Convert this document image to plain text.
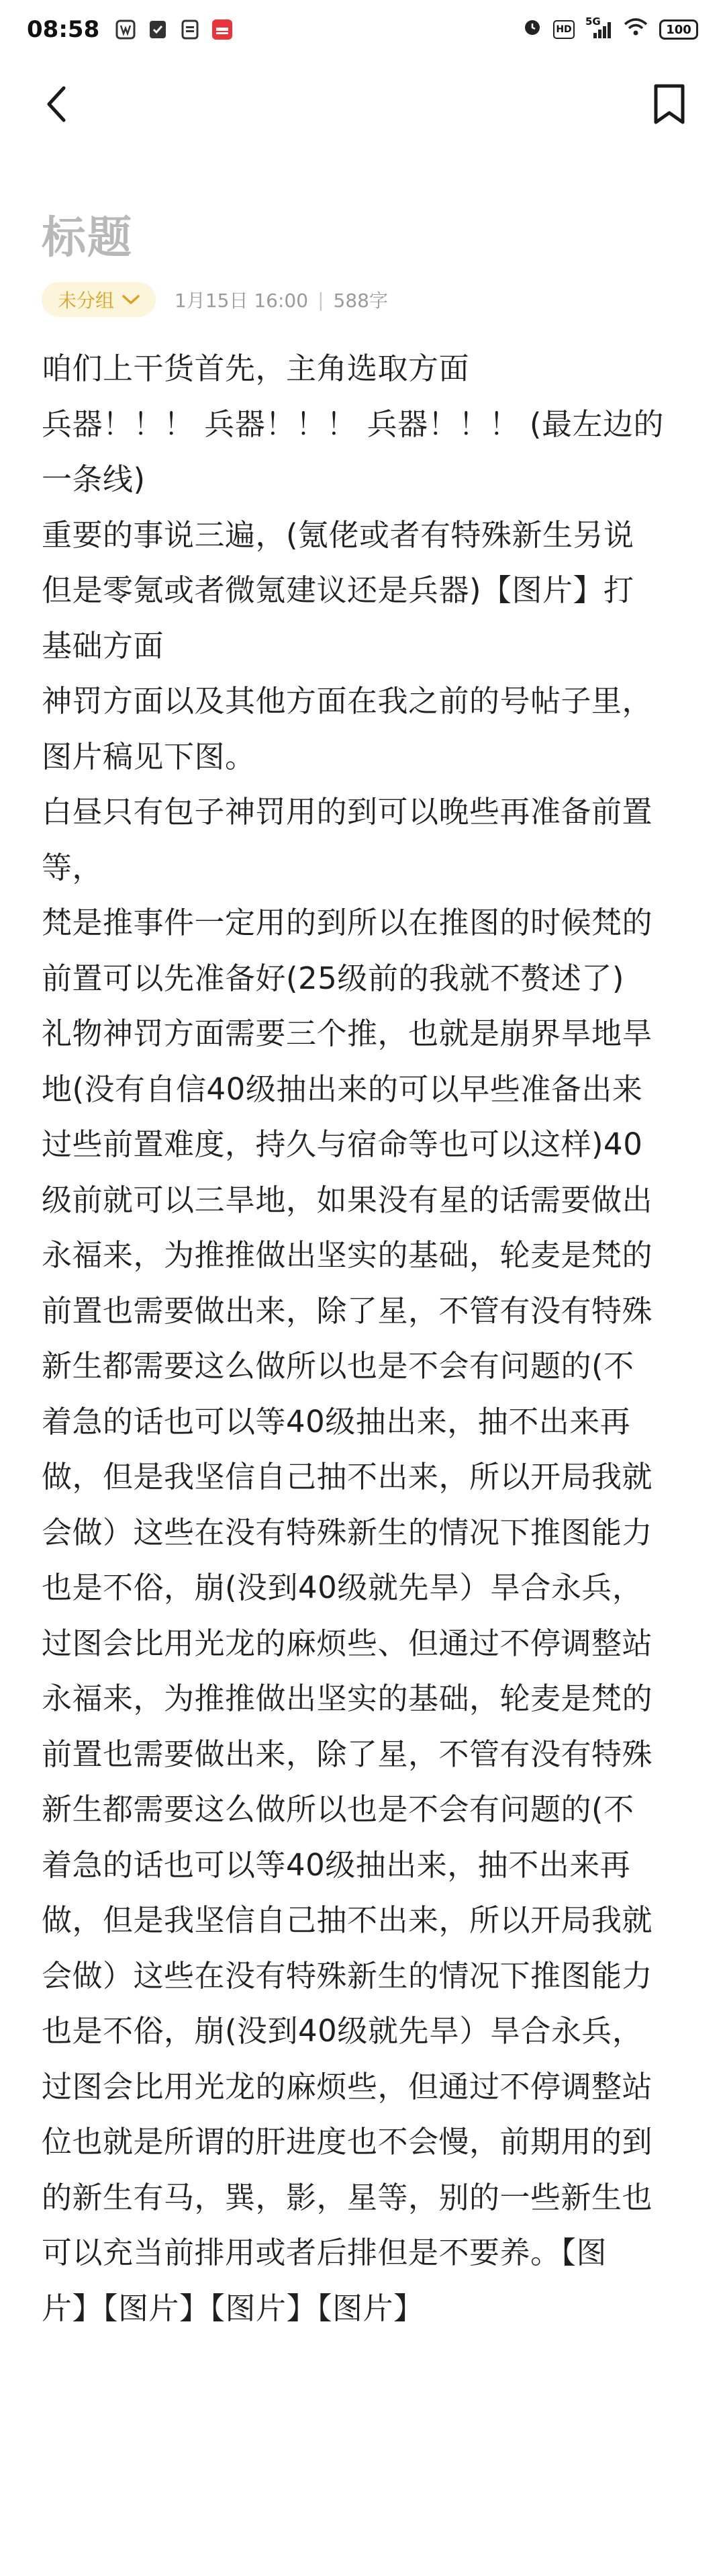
08:58	HD
5G
100
标题
未分组	1月15日 16:00 | 588字
咱们上干货首先，主角选取方面
兵器！！！ 兵器！！！ 兵器！！！ (最左边的
一条线)
重要的事说三遍，(氪佬或者有特殊新生另说
但是零氪或者微氪建议还是兵器)【图片】打
基础方面
神罚方面以及其他方面在我之前的号帖子里，
图片稿见下图。
白昼只有包子神罚用的到可以晚些再准备前置
等，
梵是推事件一定用的到所以在推图的时候梵的
前置可以先准备好(25级前的我就不赘述了)
礼物神罚方面需要三个推，也就是崩界旱地旱
地(没有自信40级抽出来的可以早些准备出来
过些前置难度，持久与宿命等也可以这样)40
级前就可以三旱地，如果没有星的话需要做出
永福来，为推推做出坚实的基础，轮麦是梵的
前置也需要做出来，除了星，不管有没有特殊
新生都需要这么做所以也是不会有问题的(不
着急的话也可以等40级抽出来，抽不出来再
做，但是我坚信自己抽不出来，所以开局我就
会做）这些在没有特殊新生的情况下推图能力
也是不俗，崩(没到40级就先旱）旱合永兵，
过图会比用光龙的麻烦些、但通过不停调整站
永福来，为推推做出坚实的基础，轮麦是梵的
前置也需要做出来，除了星，不管有没有特殊
新生都需要这么做所以也是不会有问题的(不
着急的话也可以等40级抽出来，抽不出来再
做，但是我坚信自己抽不出来，所以开局我就
会做）这些在没有特殊新生的情况下推图能力
也是不俗，崩(没到40级就先旱）旱合永兵，
过图会比用光龙的麻烦些，但通过不停调整站
位也就是所谓的肝进度也不会慢，前期用的到
的新生有马，巽，影，星等，别的一些新生也
可以充当前排用或者后排但是不要养。【图
片】【图片】【图片】【图片】
